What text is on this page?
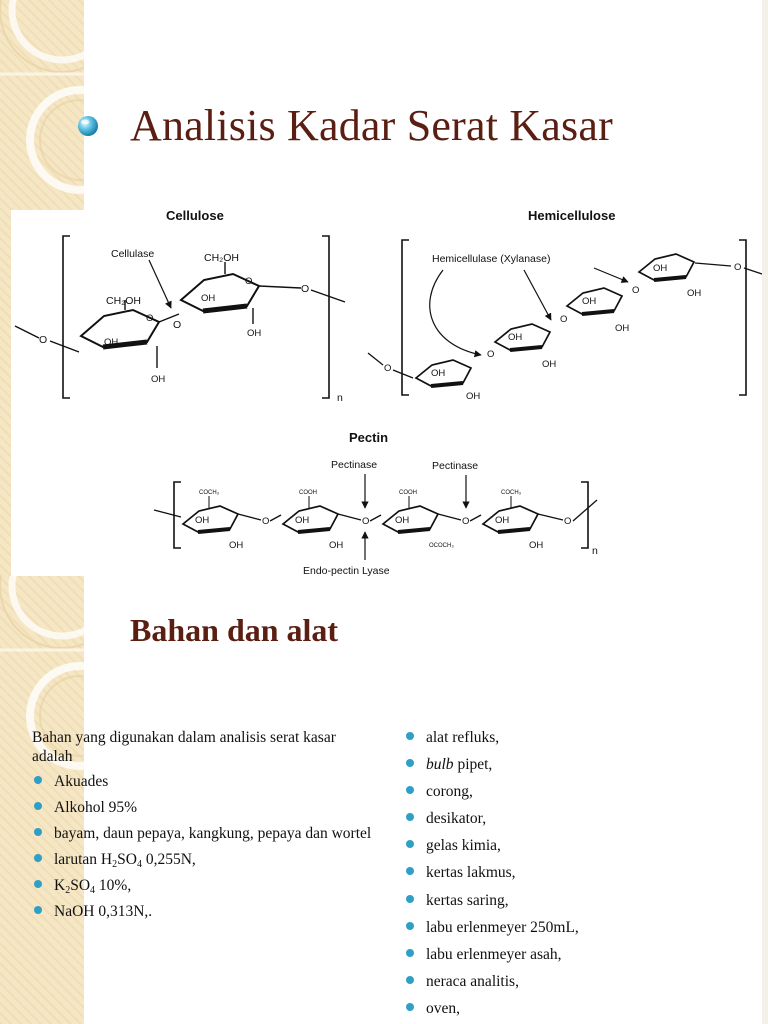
Analisis Kadar Serat Kasar
Cellulose
n
O
CH₂OH
O
OH
OH
O
CH₂OH
O
OH
OH
O
Cellulase
Hemicellulose
O	OH
OH
O
OH
OH
O
OH
OH
O
OH
OH
O
Hemicellulase (Xylanase)
Pectin
n
COCH₃
OH
OH
O
COOH
OH
OH
O
COOH
OH
OCOCH₃
O
COCH₃
OH
OH
O
Pectinase	Pectinase
Endo-pectin Lyase
Bahan dan alat

Bahan yang digunakan dalam analisis serat kasar adalah

Akuades
Alkohol 95%
bayam, daun pepaya, kangkung, pepaya dan wortel
larutan $H_2SO_4$ 0,255N,
$K_2SO_4$ 10%,
NaOH 0,313N,.
alat refluks,
bulb pipet,
corong,
desikator,
gelas kimia,
kertas lakmus,
kertas saring,
labu erlenmeyer 250mL,
labu erlenmeyer asah,
neraca analitis,
oven,
